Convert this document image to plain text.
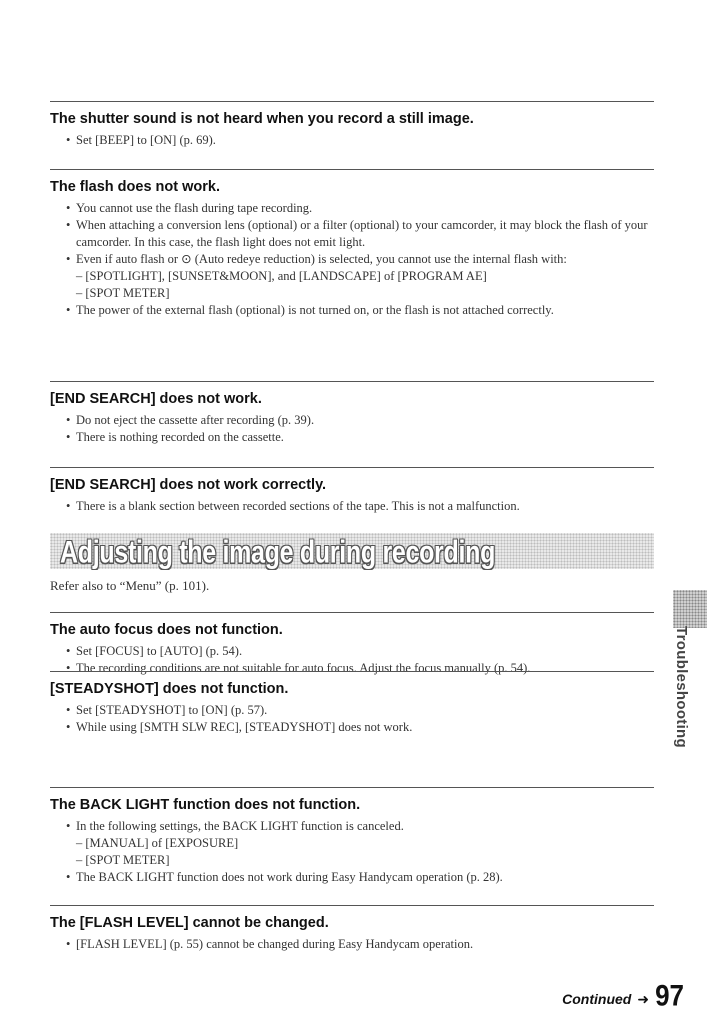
The shutter sound is not heard when you record a still image.
• Set [BEEP] to [ON] (p. 69).
The flash does not work.
• You cannot use the flash during tape recording.
• When attaching a conversion lens (optional) or a filter (optional) to your camcorder, it may block the flash of your camcorder. In this case, the flash light does not emit light.
• Even if auto flash or ⊙ (Auto redeye reduction) is selected, you cannot use the internal flash with:
– [SPOTLIGHT], [SUNSET&MOON], and [LANDSCAPE] of [PROGRAM AE]
– [SPOT METER]
• The power of the external flash (optional) is not turned on, or the flash is not attached correctly.
[END SEARCH] does not work.
• Do not eject the cassette after recording (p. 39).
• There is nothing recorded on the cassette.
[END SEARCH] does not work correctly.
• There is a blank section between recorded sections of the tape. This is not a malfunction.
Adjusting the image during recording
Refer also to “Menu” (p. 101).
The auto focus does not function.
• Set [FOCUS] to [AUTO] (p. 54).
• The recording conditions are not suitable for auto focus. Adjust the focus manually (p. 54).
[STEADYSHOT] does not function.
• Set [STEADYSHOT] to [ON] (p. 57).
• While using [SMTH SLW REC], [STEADYSHOT] does not work.
The BACK LIGHT function does not function.
• In the following settings, the BACK LIGHT function is canceled.
– [MANUAL] of [EXPOSURE]
– [SPOT METER]
• The BACK LIGHT function does not work during Easy Handycam operation (p. 28).
The [FLASH LEVEL] cannot be changed.
• [FLASH LEVEL] (p. 55) cannot be changed during Easy Handycam operation.
Troubleshooting
Continued ➜ 97
